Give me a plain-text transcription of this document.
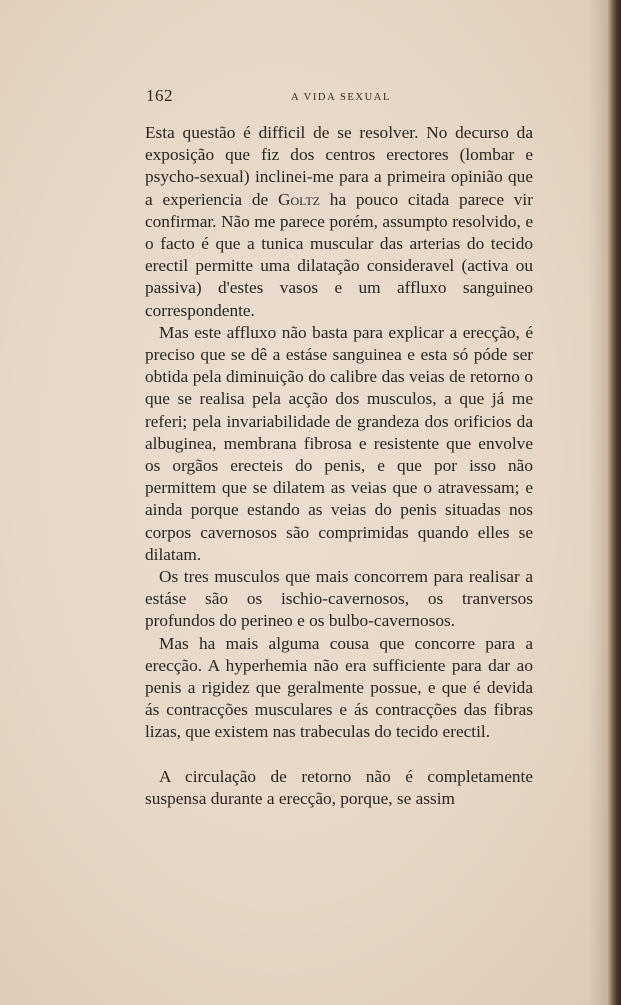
162	A VIDA SEXUAL

Esta questão é difficil de se resolver. No decurso da exposição que fiz dos centros erectores (lombar e psycho-sexual) inclinei-me para a primeira opinião que a experiencia de Goltz ha pouco citada parece vir confirmar. Não me parece porém, assumpto resolvido, e o facto é que a tunica muscular das arterias do tecido erectil permitte uma dilatação consideravel (activa ou passiva) d'estes vasos e um affluxo sanguineo correspondente.

Mas este affluxo não basta para explicar a erecção, é preciso que se dê a estáse sanguinea e esta só póde ser obtida pela diminuição do calibre das veias de retorno o que se realisa pela acção dos musculos, a que já me referi; pela invariabilidade de grandeza dos orificios da albuginea, membrana fibrosa e resistente que envolve os orgãos erecteis do penis, e que por isso não permittem que se dilatem as veias que o atravessam; e ainda porque estando as veias do penis situadas nos corpos cavernosos são comprimidas quando elles se dilatam.

Os tres musculos que mais concorrem para realisar a estáse são os ischio-cavernosos, os tranversos profundos do perineo e os bulbo-cavernosos.

Mas ha mais alguma cousa que concorre para a erecção. A hyperhemia não era sufficiente para dar ao penis a rigidez que geralmente possue, e que é devida ás contracções musculares e ás contracções das fibras lizas, que existem nas trabeculas do tecido erectil.

A circulação de retorno não é completamente suspensa durante a erecção, porque, se assim
